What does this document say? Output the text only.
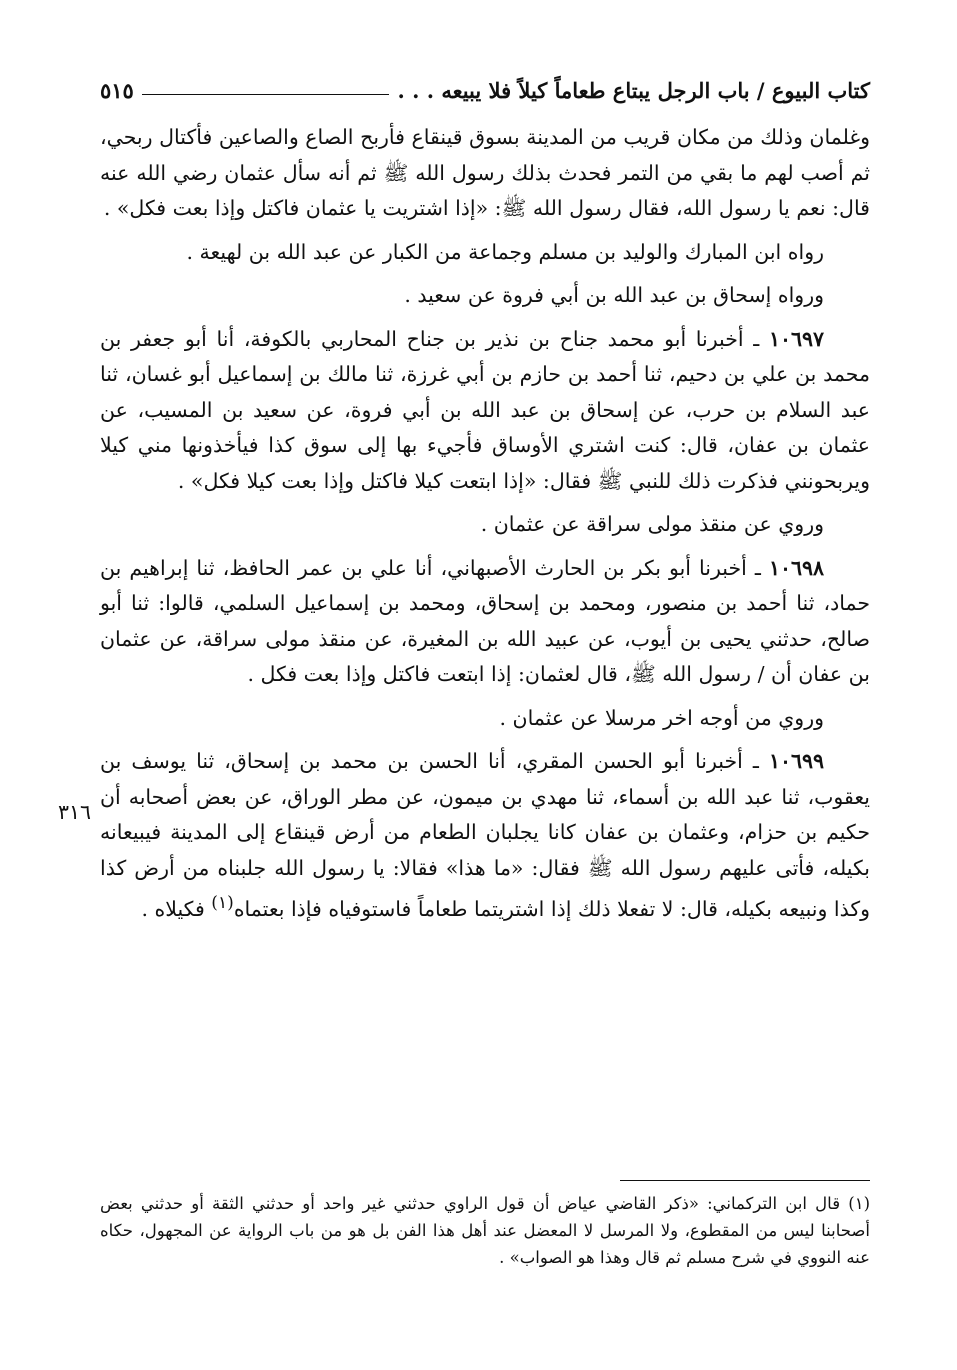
كتاب البيوع / باب الرجل يبتاع طعاماً كيلاً فلا يبيعه . . .
٥١٥

وغلمان وذلك من مكان قريب من المدينة بسوق قينقاع فأربح الصاع والصاعين فأكتال ربحي، ثم أصب لهم ما بقي من التمر فحدث بذلك رسول الله ﷺ ثم أنه سأل عثمان رضي الله عنه قال: نعم يا رسول الله، فقال رسول الله ﷺ: «إذا اشتريت يا عثمان فاكتل وإذا بعت فكل» .

رواه ابن المبارك والوليد بن مسلم وجماعة من الكبار عن عبد الله بن لهيعة .

ورواه إسحاق بن عبد الله بن أبي فروة عن سعيد .

١٠٦٩٧ ـ أخبرنا أبو محمد جناح بن نذير بن جناح المحاربي بالكوفة، أنا أبو جعفر بن محمد بن علي بن دحيم، ثنا أحمد بن حازم بن أبي غرزة، ثنا مالك بن إسماعيل أبو غسان، ثنا عبد السلام بن حرب، عن إسحاق بن عبد الله بن أبي فروة، عن سعيد بن المسيب، عن عثمان بن عفان، قال: كنت اشتري الأوساق فأجيء بها إلى سوق كذا فيأخذونها مني كيلا ويربحونني فذكرت ذلك للنبي ﷺ فقال: «إذا ابتعت كيلا فاكتل وإذا بعت كيلا فكل» .

وروي عن منقذ مولى سراقة عن عثمان .

١٠٦٩٨ ـ أخبرنا أبو بكر بن الحارث الأصبهاني، أنا علي بن عمر الحافظ، ثنا إبراهيم بن حماد، ثنا أحمد بن منصور، ومحمد بن إسحاق، ومحمد بن إسماعيل السلمي، قالوا: ثنا أبو صالح، حدثني يحيى بن أيوب، عن عبيد الله بن المغيرة، عن منقذ مولى سراقة، عن عثمان بن عفان أن / رسول الله ﷺ، قال لعثمان: إذا ابتعت فاكتل وإذا بعت فكل .

وروي من أوجه اخر مرسلا عن عثمان .

١٠٦٩٩ ـ أخبرنا أبو الحسن المقري، أنا الحسن بن محمد بن إسحاق، ثنا يوسف بن يعقوب، ثنا عبد الله بن أسماء، ثنا مهدي بن ميمون، عن مطر الوراق، عن بعض أصحابه أن حكيم بن حزام، وعثمان بن عفان كانا يجلبان الطعام من أرض قينقاع إلى المدينة فيبيعانه بكيله، فأتى عليهم رسول الله ﷺ فقال: «ما هذا» فقالا: يا رسول الله جلبناه من أرض كذا وكذا ونبيعه بكيله، قال: لا تفعلا ذلك إذا اشتريتما طعاماً فاستوفياه فإذا بعتماه$^{(١)}$ فكيلاه .

٣١٦
(١) قال ابن التركماني: «ذكر القاضي عياض أن قول الراوي حدثني غير واحد أو حدثني الثقة أو حدثني بعض أصحابنا ليس من المقطوع، ولا المرسل لا المعضل عند أهل هذا الفن بل هو من باب الرواية عن المجهول، حكاه عنه النووي في شرح مسلم ثم قال وهذا هو الصواب» .
